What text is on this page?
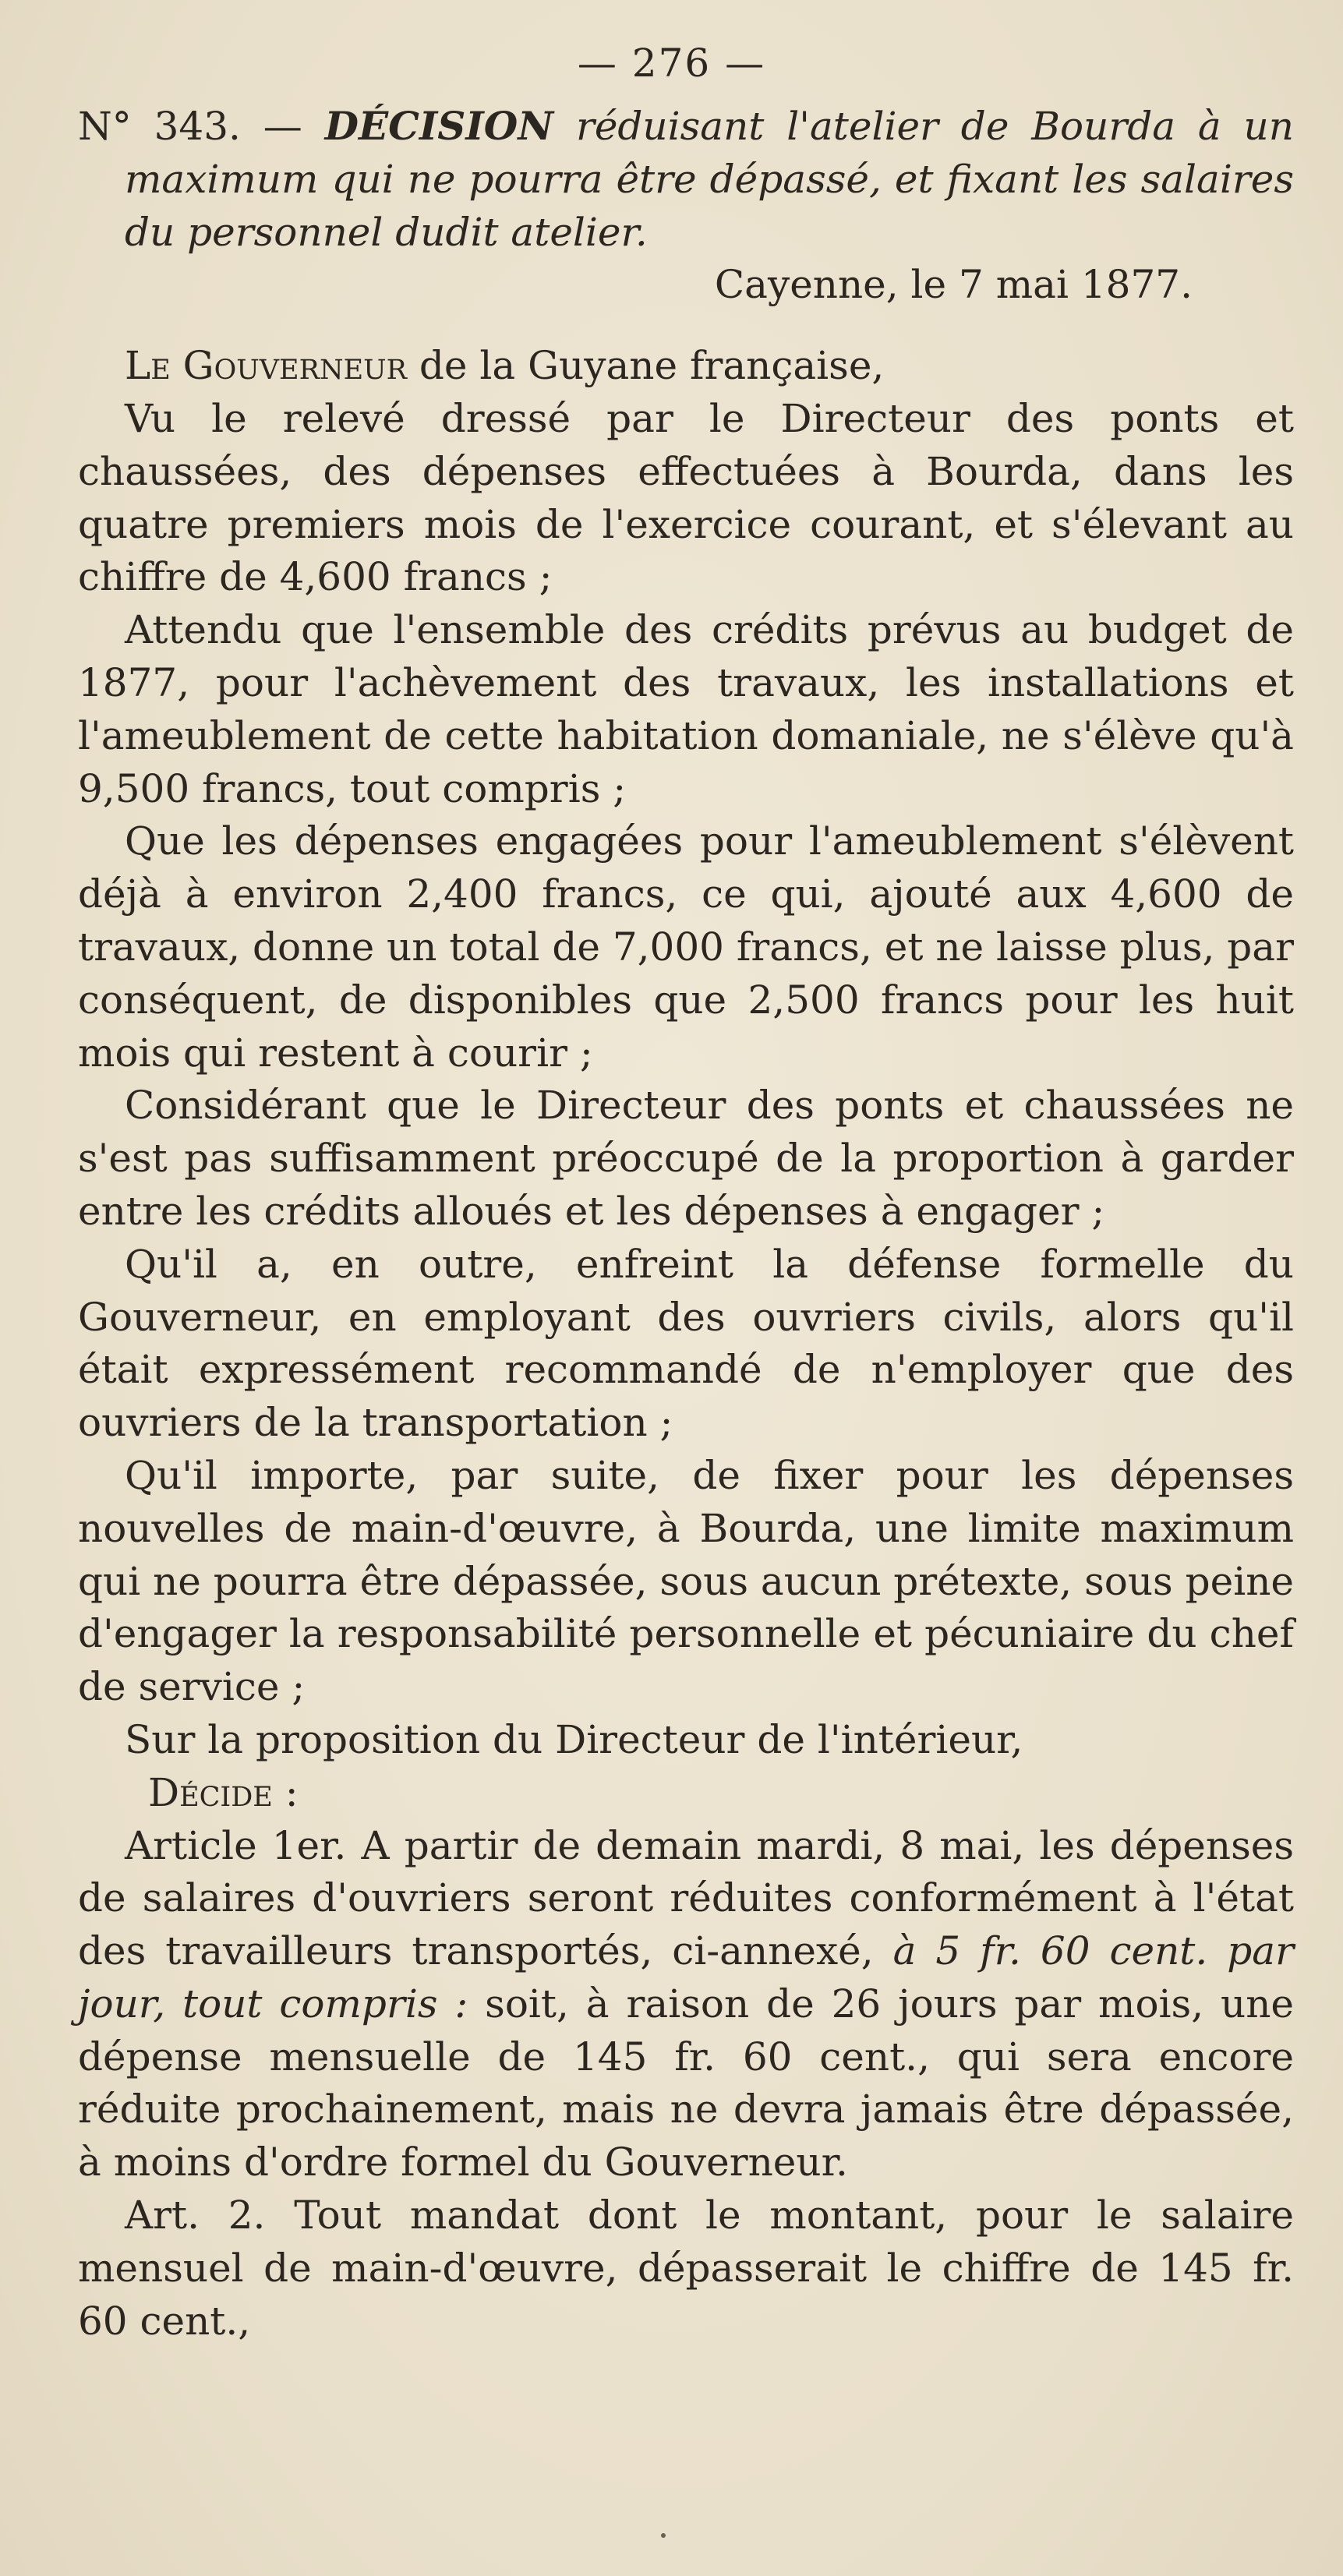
— 276 —

N° 343. — DÉCISION réduisant l'atelier de Bourda à un maximum qui ne pourra être dépassé, et fixant les salaires du personnel dudit atelier.

Cayenne, le 7 mai 1877.

Le Gouverneur de la Guyane française,

Vu le relevé dressé par le Directeur des ponts et chaussées, des dépenses effectuées à Bourda, dans les quatre premiers mois de l'exercice courant, et s'élevant au chiffre de 4,600 francs ;

Attendu que l'ensemble des crédits prévus au budget de 1877, pour l'achèvement des travaux, les installations et l'ameublement de cette habitation domaniale, ne s'élève qu'à 9,500 francs, tout compris ;

Que les dépenses engagées pour l'ameublement s'élèvent déjà à environ 2,400 francs, ce qui, ajouté aux 4,600 de travaux, donne un total de 7,000 francs, et ne laisse plus, par conséquent, de disponibles que 2,500 francs pour les huit mois qui restent à courir ;

Considérant que le Directeur des ponts et chaussées ne s'est pas suffisamment préoccupé de la proportion à garder entre les crédits alloués et les dépenses à engager ;

Qu'il a, en outre, enfreint la défense formelle du Gouverneur, en employant des ouvriers civils, alors qu'il était expressément recommandé de n'employer que des ouvriers de la transportation ;

Qu'il importe, par suite, de fixer pour les dépenses nouvelles de main-d'œuvre, à Bourda, une limite maximum qui ne pourra être dépassée, sous aucun prétexte, sous peine d'engager la responsabilité personnelle et pécuniaire du chef de service ;

Sur la proposition du Directeur de l'intérieur,

Décide :

Article 1er. A partir de demain mardi, 8 mai, les dépenses de salaires d'ouvriers seront réduites conformément à l'état des travailleurs transportés, ci-annexé, à 5 fr. 60 cent. par jour, tout compris : soit, à raison de 26 jours par mois, une dépense mensuelle de 145 fr. 60 cent., qui sera encore réduite prochainement, mais ne devra jamais être dépassée, à moins d'ordre formel du Gouverneur.

Art. 2. Tout mandat dont le montant, pour le salaire mensuel de main-d'œuvre, dépasserait le chiffre de 145 fr. 60 cent.,
